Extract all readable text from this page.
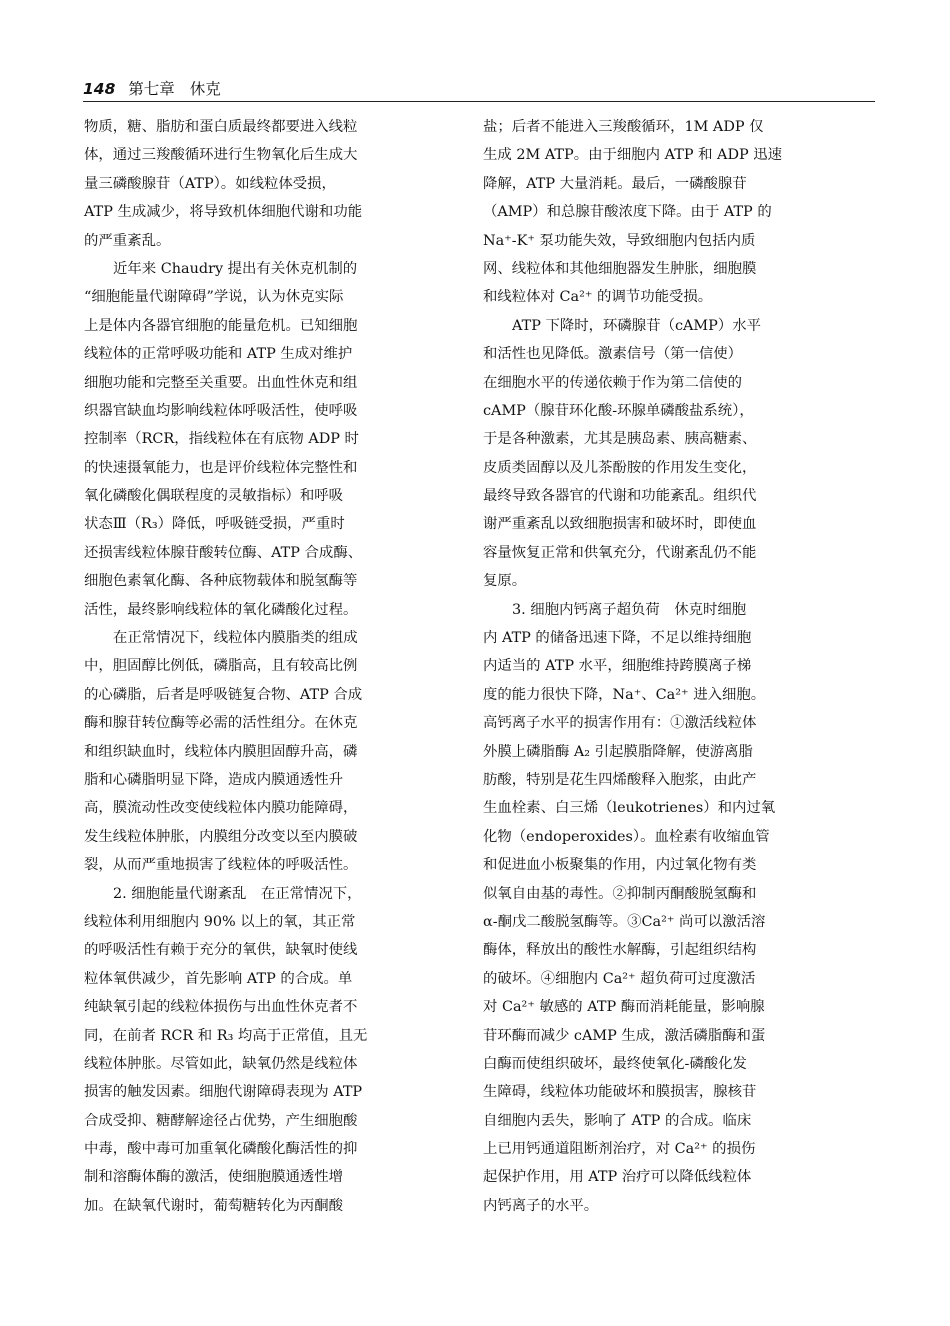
148 第七章 休克
物质，糖、脂肪和蛋白质最终都要进入线粒
体，通过三羧酸循环进行生物氧化后生成大
量三磷酸腺苷（ATP）。如线粒体受损，
ATP 生成减少，将导致机体细胞代谢和功能
的严重紊乱。
近年来 Chaudry 提出有关休克机制的
“细胞能量代谢障碍”学说，认为休克实际
上是体内各器官细胞的能量危机。已知细胞
线粒体的正常呼吸功能和 ATP 生成对维护
细胞功能和完整至关重要。出血性休克和组
织器官缺血均影响线粒体呼吸活性，使呼吸
控制率（RCR，指线粒体在有底物 ADP 时
的快速摄氧能力，也是评价线粒体完整性和
氧化磷酸化偶联程度的灵敏指标）和呼吸
状态Ⅲ（R₃）降低，呼吸链受损，严重时
还损害线粒体腺苷酸转位酶、ATP 合成酶、
细胞色素氧化酶、各种底物载体和脱氢酶等
活性，最终影响线粒体的氧化磷酸化过程。
在正常情况下，线粒体内膜脂类的组成
中，胆固醇比例低，磷脂高，且有较高比例
的心磷脂，后者是呼吸链复合物、ATP 合成
酶和腺苷转位酶等必需的活性组分。在休克
和组织缺血时，线粒体内膜胆固醇升高，磷
脂和心磷脂明显下降，造成内膜通透性升
高，膜流动性改变使线粒体内膜功能障碍，
发生线粒体肿胀，内膜组分改变以至内膜破
裂，从而严重地损害了线粒体的呼吸活性。
2. 细胞能量代谢紊乱　在正常情况下，
线粒体利用细胞内 90% 以上的氧，其正常
的呼吸活性有赖于充分的氧供，缺氧时使线
粒体氧供减少，首先影响 ATP 的合成。单
纯缺氧引起的线粒体损伤与出血性休克者不
同，在前者 RCR 和 R₃ 均高于正常值，且无
线粒体肿胀。尽管如此，缺氧仍然是线粒体
损害的触发因素。细胞代谢障碍表现为 ATP
合成受抑、糖酵解途径占优势，产生细胞酸
中毒，酸中毒可加重氧化磷酸化酶活性的抑
制和溶酶体酶的激活，使细胞膜通透性增
加。在缺氧代谢时，葡萄糖转化为丙酮酸
盐；后者不能进入三羧酸循环，1M ADP 仅
生成 2M ATP。由于细胞内 ATP 和 ADP 迅速
降解，ATP 大量消耗。最后，一磷酸腺苷
（AMP）和总腺苷酸浓度下降。由于 ATP 的
Na⁺-K⁺ 泵功能失效，导致细胞内包括内质
网、线粒体和其他细胞器发生肿胀，细胞膜
和线粒体对 Ca²⁺ 的调节功能受损。
ATP 下降时，环磷腺苷（cAMP）水平
和活性也见降低。激素信号（第一信使）
在细胞水平的传递依赖于作为第二信使的
cAMP（腺苷环化酸-环腺单磷酸盐系统），
于是各种激素，尤其是胰岛素、胰高糖素、
皮质类固醇以及儿茶酚胺的作用发生变化，
最终导致各器官的代谢和功能紊乱。组织代
谢严重紊乱以致细胞损害和破坏时，即使血
容量恢复正常和供氧充分，代谢紊乱仍不能
复原。
3. 细胞内钙离子超负荷　休克时细胞
内 ATP 的储备迅速下降，不足以维持细胞
内适当的 ATP 水平，细胞维持跨膜离子梯
度的能力很快下降，Na⁺、Ca²⁺ 进入细胞。
高钙离子水平的损害作用有：①激活线粒体
外膜上磷脂酶 A₂ 引起膜脂降解，使游离脂
肪酸，特别是花生四烯酸释入胞浆，由此产
生血栓素、白三烯（leukotrienes）和内过氧
化物（endoperoxides）。血栓素有收缩血管
和促进血小板聚集的作用，内过氧化物有类
似氧自由基的毒性。②抑制丙酮酸脱氢酶和
α-酮戊二酸脱氢酶等。③Ca²⁺ 尚可以激活溶
酶体，释放出的酸性水解酶，引起组织结构
的破坏。④细胞内 Ca²⁺ 超负荷可过度激活
对 Ca²⁺ 敏感的 ATP 酶而消耗能量，影响腺
苷环酶而减少 cAMP 生成，激活磷脂酶和蛋
白酶而使组织破坏，最终使氧化-磷酸化发
生障碍，线粒体功能破坏和膜损害，腺核苷
自细胞内丢失，影响了 ATP 的合成。临床
上已用钙通道阻断剂治疗，对 Ca²⁺ 的损伤
起保护作用，用 ATP 治疗可以降低线粒体
内钙离子的水平。
